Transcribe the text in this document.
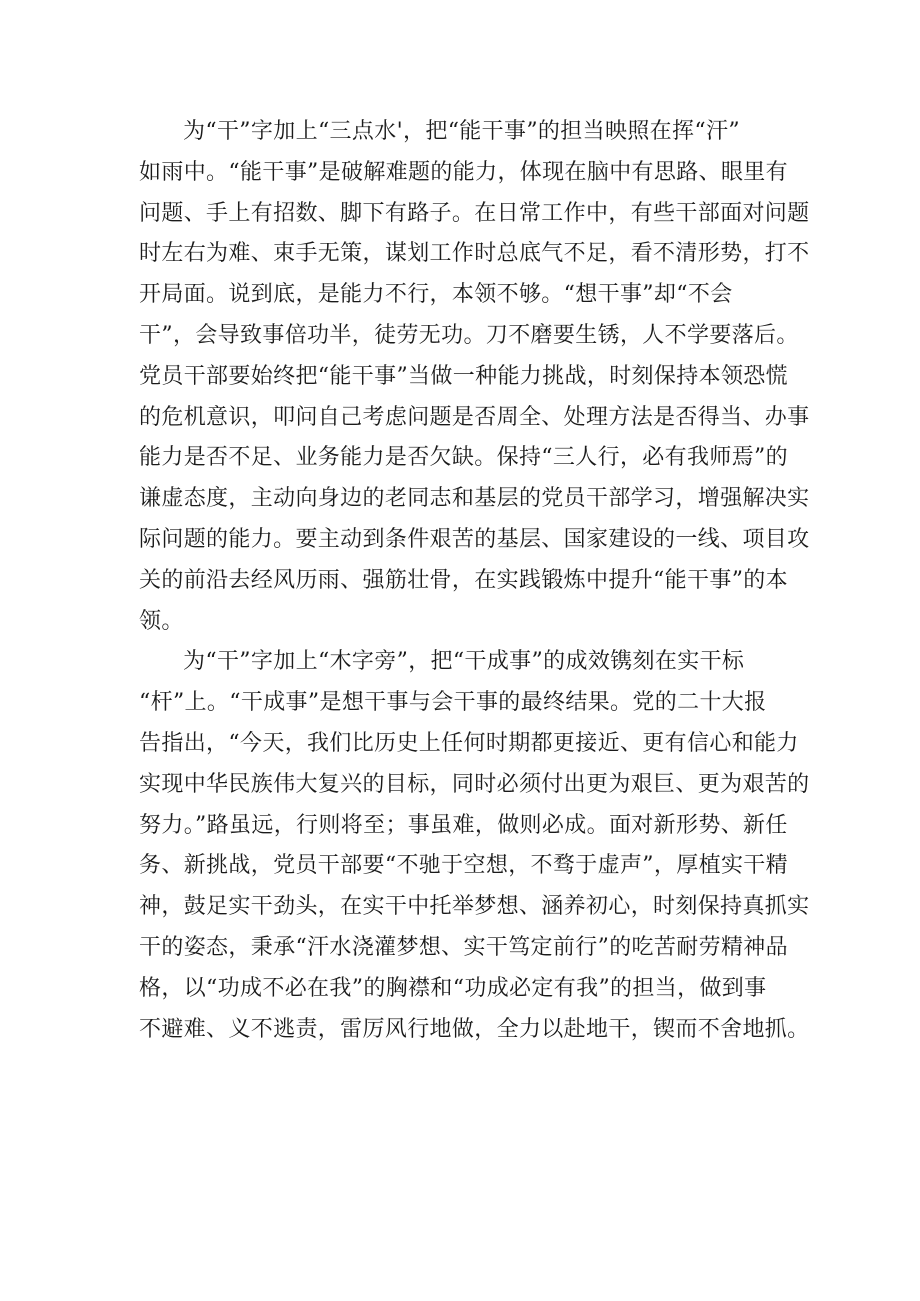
为“干”字加上“三点水'，把“能干事”的担当映照在挥“汗”
如雨中。“能干事”是破解难题的能力，体现在脑中有思路、眼里有
问题、手上有招数、脚下有路子。在日常工作中，有些干部面对问题
时左右为难、束手无策，谋划工作时总底气不足，看不清形势，打不
开局面。说到底，是能力不行，本领不够。“想干事”却“不会
干”，会导致事倍功半，徒劳无功。刀不磨要生锈，人不学要落后。
党员干部要始终把“能干事”当做一种能力挑战，时刻保持本领恐慌
的危机意识，叩问自己考虑问题是否周全、处理方法是否得当、办事
能力是否不足、业务能力是否欠缺。保持“三人行，必有我师焉”的
谦虚态度，主动向身边的老同志和基层的党员干部学习，增强解决实
际问题的能力。要主动到条件艰苦的基层、国家建设的一线、项目攻
关的前沿去经风历雨、强筋壮骨，在实践锻炼中提升“能干事”的本
领。

为“干”字加上“木字旁”，把“干成事”的成效镌刻在实干标
“杆”上。“干成事”是想干事与会干事的最终结果。党的二十大报
告指出，“今天，我们比历史上任何时期都更接近、更有信心和能力
实现中华民族伟大复兴的目标，同时必须付出更为艰巨、更为艰苦的
努力。”路虽远，行则将至；事虽难，做则必成。面对新形势、新任
务、新挑战，党员干部要“不驰于空想，不骛于虚声”，厚植实干精
神，鼓足实干劲头，在实干中托举梦想、涵养初心，时刻保持真抓实
干的姿态，秉承“汗水浇灌梦想、实干笃定前行”的吃苦耐劳精神品
格，以“功成不必在我”的胸襟和“功成必定有我”的担当，做到事
不避难、义不逃责，雷厉风行地做，全力以赴地干，锲而不舍地抓。
